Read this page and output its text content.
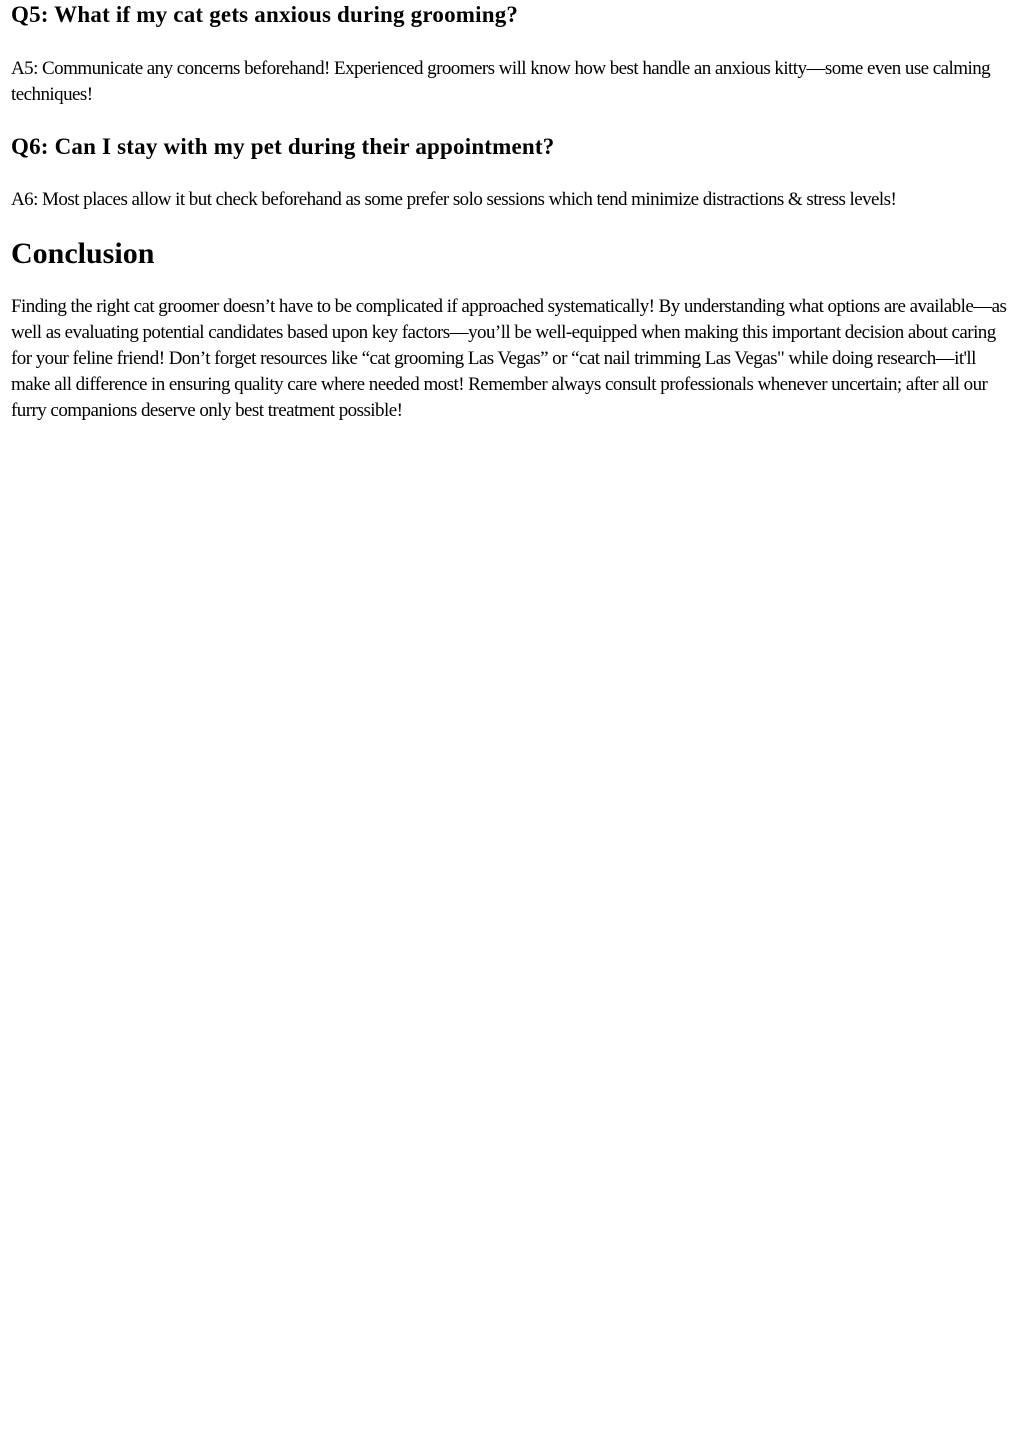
Q5: What if my cat gets anxious during grooming?

A5: Communicate any concerns beforehand! Experienced groomers will know how best handle an anxious kitty—some even use calming techniques!

Q6: Can I stay with my pet during their appointment?

A6: Most places allow it but check beforehand as some prefer solo sessions which tend minimize distractions & stress levels!

Conclusion

Finding the right cat groomer doesn’t have to be complicated if approached systematically! By understanding what options are available—as well as evaluating potential candidates based upon key factors—you’ll be well-equipped when making this important decision about caring for your feline friend! Don’t forget resources like “cat grooming Las Vegas” or “cat nail trimming Las Vegas" while doing research—it'll make all difference in ensuring quality care where needed most! Remember always consult professionals whenever uncertain; after all our furry companions deserve only best treatment possible!
